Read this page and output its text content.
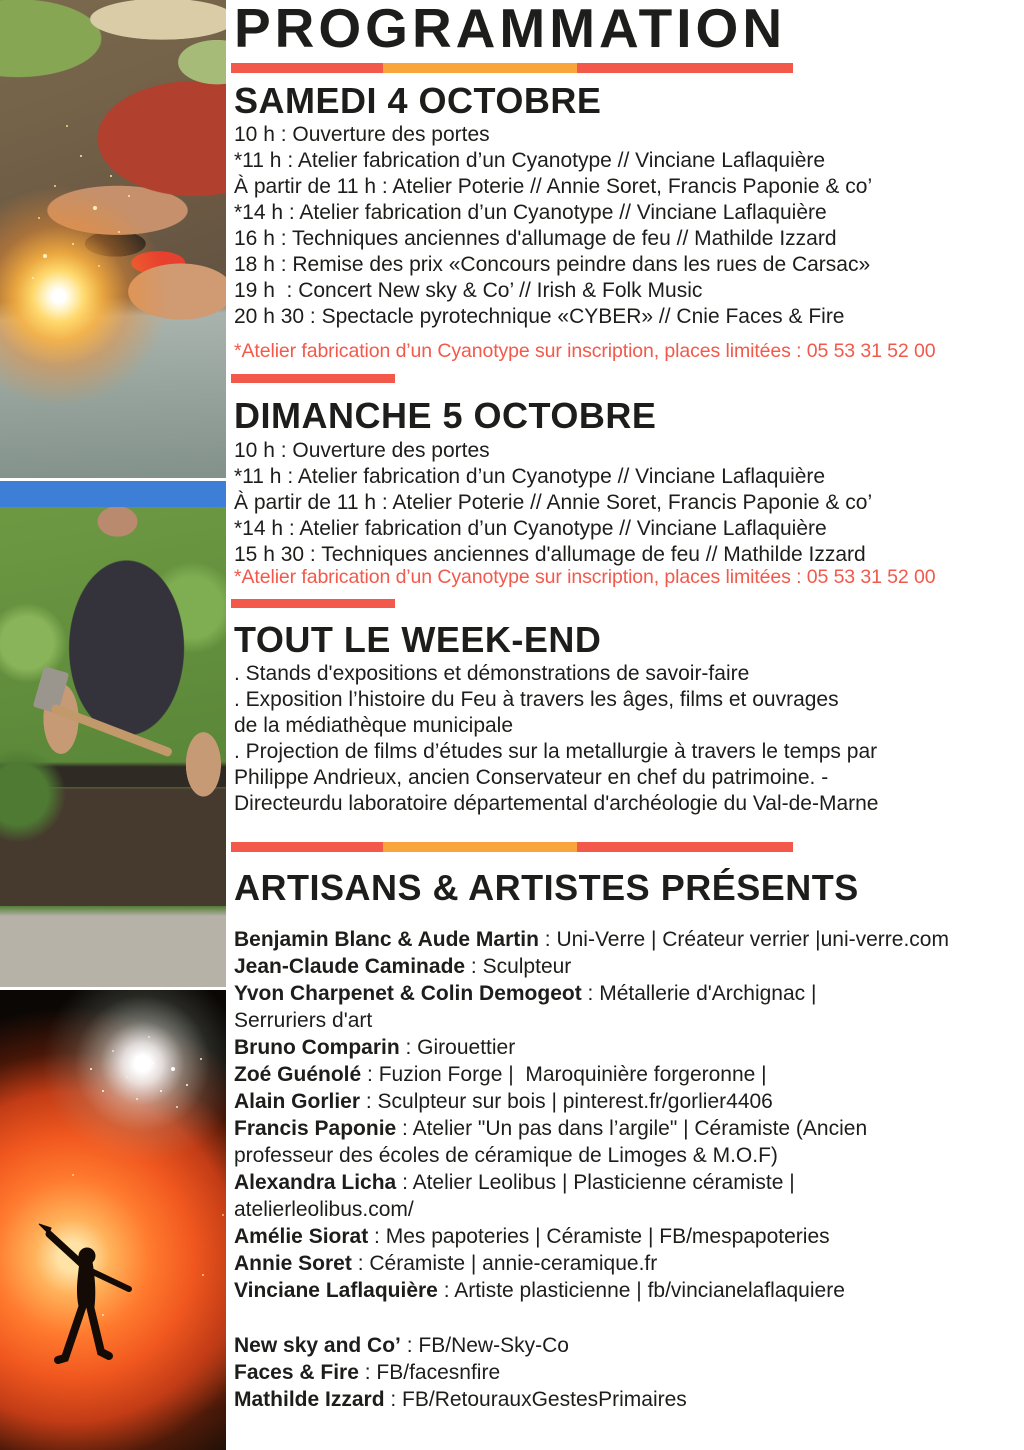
PROGRAMMATION
SAMEDI 4 OCTOBRE
10 h : Ouverture des portes
*11 h : Atelier fabrication d’un Cyanotype // Vinciane Laflaquière
À partir de 11 h : Atelier Poterie // Annie Soret, Francis Paponie & co’
*14 h : Atelier fabrication d’un Cyanotype // Vinciane Laflaquière
16 h : Techniques anciennes d'allumage de feu // Mathilde Izzard
18 h : Remise des prix «Concours peindre dans les rues de Carsac»
19 h  : Concert New sky & Co’ // Irish & Folk Music
20 h 30 : Spectacle pyrotechnique «CYBER» // Cnie Faces & Fire
*Atelier fabrication d’un Cyanotype sur inscription, places limitées : 05 53 31 52 00
DIMANCHE 5 OCTOBRE
10 h : Ouverture des portes
*11 h : Atelier fabrication d’un Cyanotype // Vinciane Laflaquière
À partir de 11 h : Atelier Poterie // Annie Soret, Francis Paponie & co’
*14 h : Atelier fabrication d’un Cyanotype // Vinciane Laflaquière
15 h 30 : Techniques anciennes d'allumage de feu // Mathilde Izzard
*Atelier fabrication d’un Cyanotype sur inscription, places limitées : 05 53 31 52 00
TOUT LE WEEK-END
. Stands d'expositions et démonstrations de savoir-faire
. Exposition l’histoire du Feu à travers les âges, films et ouvrages
de la médiathèque municipale
. Projection de films d’études sur la metallurgie à travers le temps par
Philippe Andrieux, ancien Conservateur en chef du patrimoine. -
Directeurdu laboratoire départemental d'archéologie du Val-de-Marne
ARTISANS & ARTISTES PRÉSENTS
Benjamin Blanc & Aude Martin : Uni-Verre | Créateur verrier |uni-verre.com
Jean-Claude Caminade : Sculpteur
Yvon Charpenet & Colin Demogeot : Métallerie d'Archignac |
Serruriers d'art
Bruno Comparin : Girouettier
Zoé Guénolé : Fuzion Forge |  Maroquinière forgeronne |
Alain Gorlier : Sculpteur sur bois | pinterest.fr/gorlier4406
Francis Paponie : Atelier ʺUn pas dans l’argileʺ | Céramiste (Ancien
professeur des écoles de céramique de Limoges & M.O.F)
Alexandra Licha : Atelier Leolibus | Plasticienne céramiste |
atelierleolibus.com/
Amélie Siorat : Mes papoteries | Céramiste | FB/mespapoteries
Annie Soret : Céramiste | annie-ceramique.fr
Vinciane Laflaquière : Artiste plasticienne | fb/vincianelaflaquiere
New sky and Co’ : FB/New-Sky-Co
Faces & Fire : FB/facesnfire
Mathilde Izzard : FB/RetourauxGestesPrimaires
